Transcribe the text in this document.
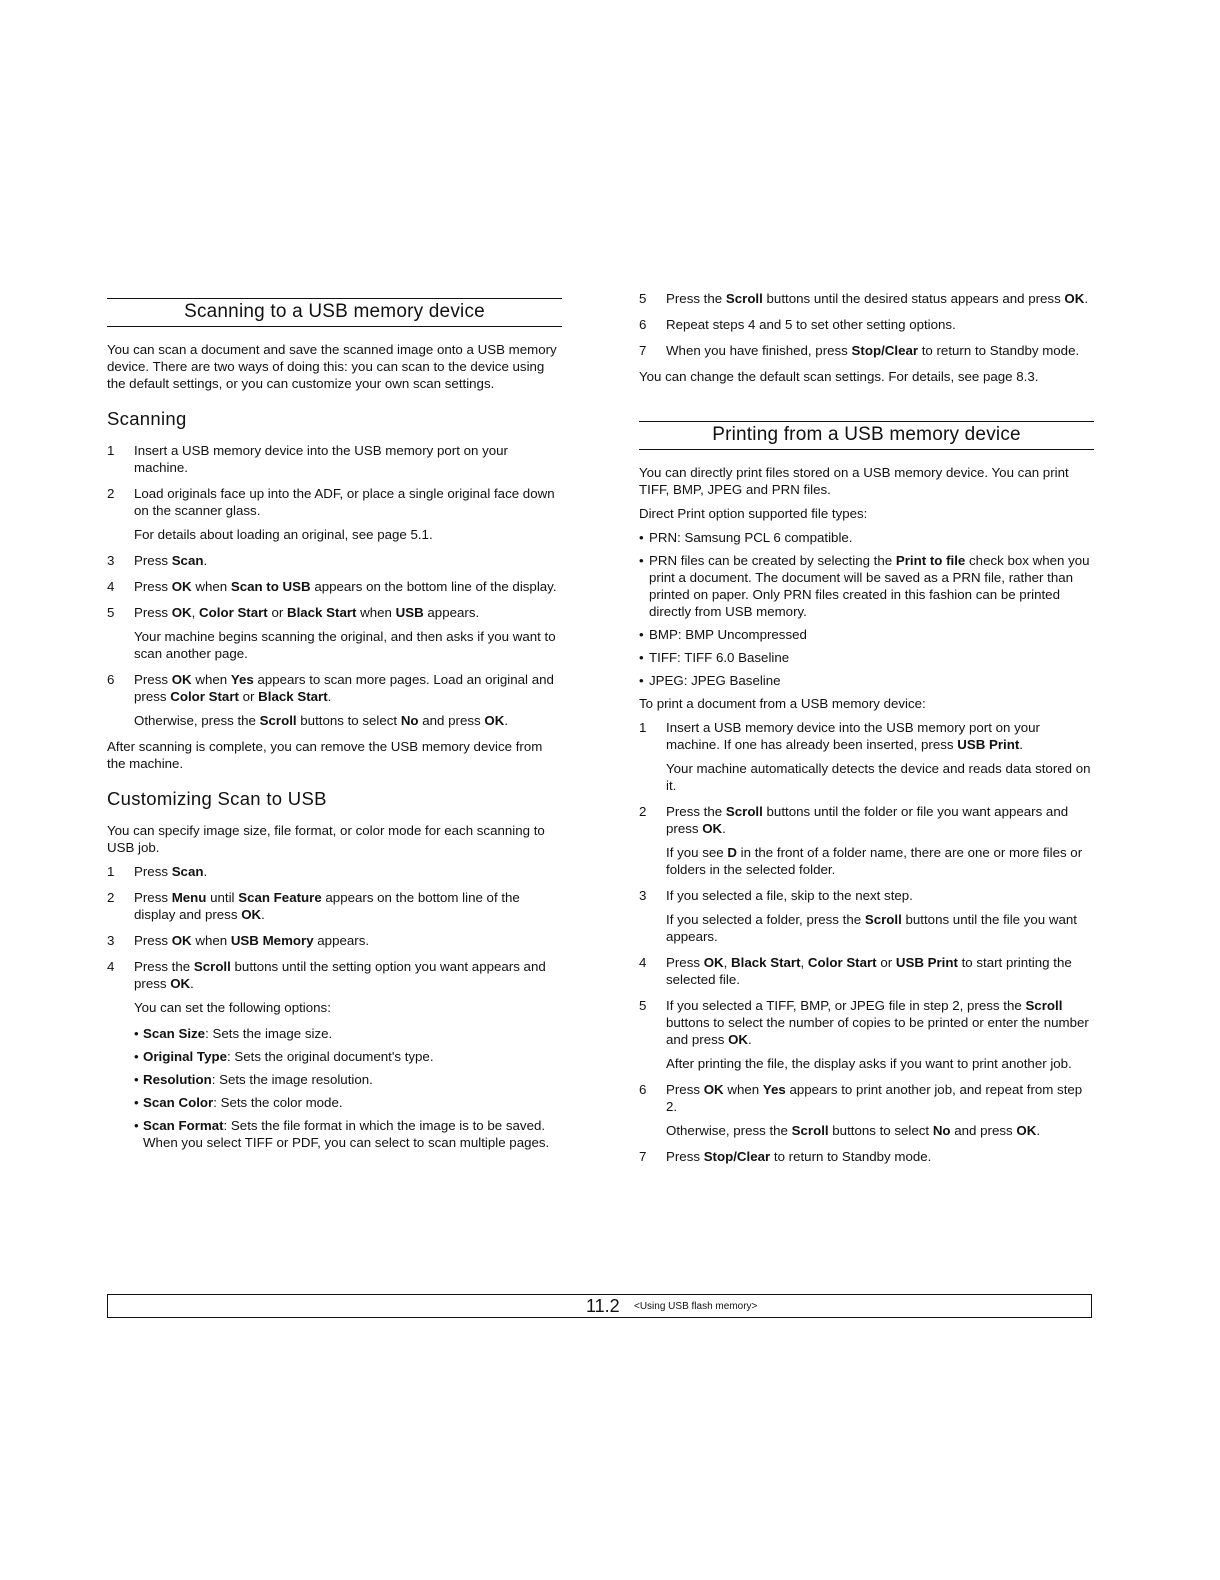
Scanning to a USB memory device

You can scan a document and save the scanned image onto a USB memory device. There are two ways of doing this: you can scan to the device using the default settings, or you can customize your own scan settings.

Scanning
1 Insert a USB memory device into the USB memory port on your machine.
2 Load originals face up into the ADF, or place a single original face down on the scanner glass.
For details about loading an original, see page 5.1.
3 Press Scan.
4 Press OK when Scan to USB appears on the bottom line of the display.
5 Press OK, Color Start or Black Start when USB appears.
Your machine begins scanning the original, and then asks if you want to scan another page.
6 Press OK when Yes appears to scan more pages. Load an original and press Color Start or Black Start.
Otherwise, press the Scroll buttons to select No and press OK.

After scanning is complete, you can remove the USB memory device from the machine.

Customizing Scan to USB

You can specify image size, file format, or color mode for each scanning to USB job.

1 Press Scan.
2 Press Menu until Scan Feature appears on the bottom line of the display and press OK.
3 Press OK when USB Memory appears.
4 Press the Scroll buttons until the setting option you want appears and press OK.
You can set the following options:
• Scan Size: Sets the image size.
• Original Type: Sets the original document's type.
• Resolution: Sets the image resolution.
• Scan Color: Sets the color mode.
• Scan Format: Sets the file format in which the image is to be saved. When you select TIFF or PDF, you can select to scan multiple pages.
5 Press the Scroll buttons until the desired status appears and press OK.
6 Repeat steps 4 and 5 to set other setting options.
7 When you have finished, press Stop/Clear to return to Standby mode.

You can change the default scan settings. For details, see page 8.3.

Printing from a USB memory device

You can directly print files stored on a USB memory device. You can print TIFF, BMP, JPEG and PRN files.

Direct Print option supported file types:

• PRN: Samsung PCL 6 compatible.
• PRN files can be created by selecting the Print to file check box when you print a document. The document will be saved as a PRN file, rather than printed on paper. Only PRN files created in this fashion can be printed directly from USB memory.
• BMP: BMP Uncompressed
• TIFF: TIFF 6.0 Baseline
• JPEG: JPEG Baseline

To print a document from a USB memory device:

1 Insert a USB memory device into the USB memory port on your machine. If one has already been inserted, press USB Print.
Your machine automatically detects the device and reads data stored on it.
2 Press the Scroll buttons until the folder or file you want appears and press OK.
If you see D in the front of a folder name, there are one or more files or folders in the selected folder.
3 If you selected a file, skip to the next step.
If you selected a folder, press the Scroll buttons until the file you want appears.
4 Press OK, Black Start, Color Start or USB Print to start printing the selected file.
5 If you selected a TIFF, BMP, or JPEG file in step 2, press the Scroll buttons to select the number of copies to be printed or enter the number and press OK.
After printing the file, the display asks if you want to print another job.
6 Press OK when Yes appears to print another job, and repeat from step 2.
Otherwise, press the Scroll buttons to select No and press OK.
7 Press Stop/Clear to return to Standby mode.
11.2 <Using USB flash memory>
